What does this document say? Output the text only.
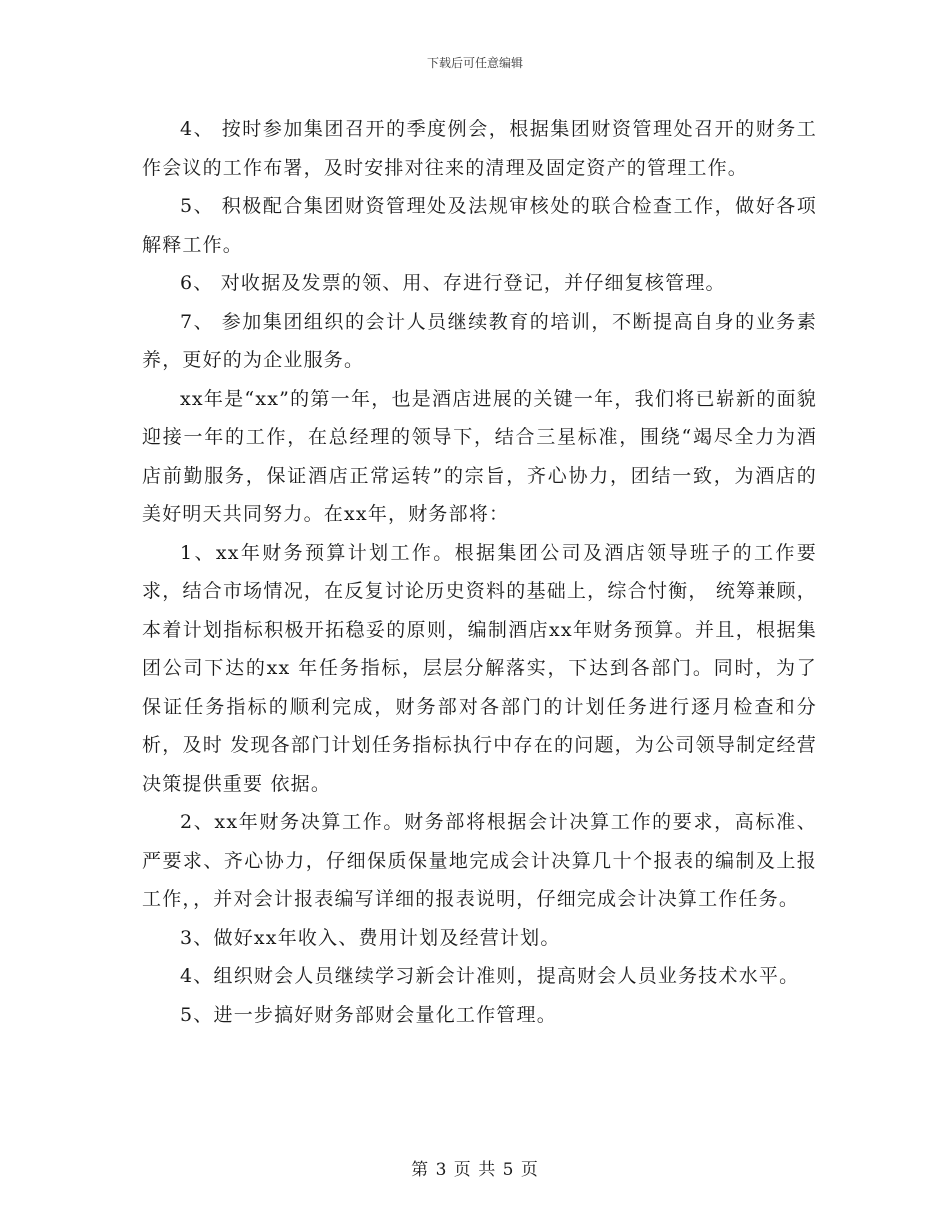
下载后可任意编辑

4、 按时参加集团召开的季度例会，根据集团财资管理处召开的财务工作会议的工作布署，及时安排对往来的清理及固定资产的管理工作。

5、 积极配合集团财资管理处及法规审核处的联合检查工作，做好各项解释工作。

6、 对收据及发票的领、用、存进行登记，并仔细复核管理。

7、 参加集团组织的会计人员继续教育的培训，不断提高自身的业务素养，更好的为企业服务。

xx年是“xx”的第一年，也是酒店进展的关键一年，我们将已崭新的面貌迎接一年的工作，在总经理的领导下，结合三星标准，围绕“竭尽全力为酒店前勤服务，保证酒店正常运转”的宗旨，齐心协力，团结一致，为酒店的美好明天共同努力。在xx年，财务部将：

1、xx年财务预算计划工作。根据集团公司及酒店领导班子的工作要求，结合市场情况，在反复讨论历史资料的基础上，综合忖衡， 统筹兼顾，本着计划指标积极开拓稳妥的原则，编制酒店xx年财务预算。并且，根据集团公司下达的xx 年任务指标，层层分解落实，下达到各部门。同时，为了保证任务指标的顺利完成，财务部对各部门的计划任务进行逐月检查和分析，及时 发现各部门计划任务指标执行中存在的问题，为公司领导制定经营决策提供重要 依据。

2、xx年财务决算工作。财务部将根据会计决算工作的要求，高标准、严要求、齐心协力，仔细保质保量地完成会计决算几十个报表的编制及上报工作，，并对会计报表编写详细的报表说明，仔细完成会计决算工作任务。

3、做好xx年收入、费用计划及经营计划。

4、组织财会人员继续学习新会计准则，提高财会人员业务技术水平。

5、进一步搞好财务部财会量化工作管理。

第 3 页 共 5 页
